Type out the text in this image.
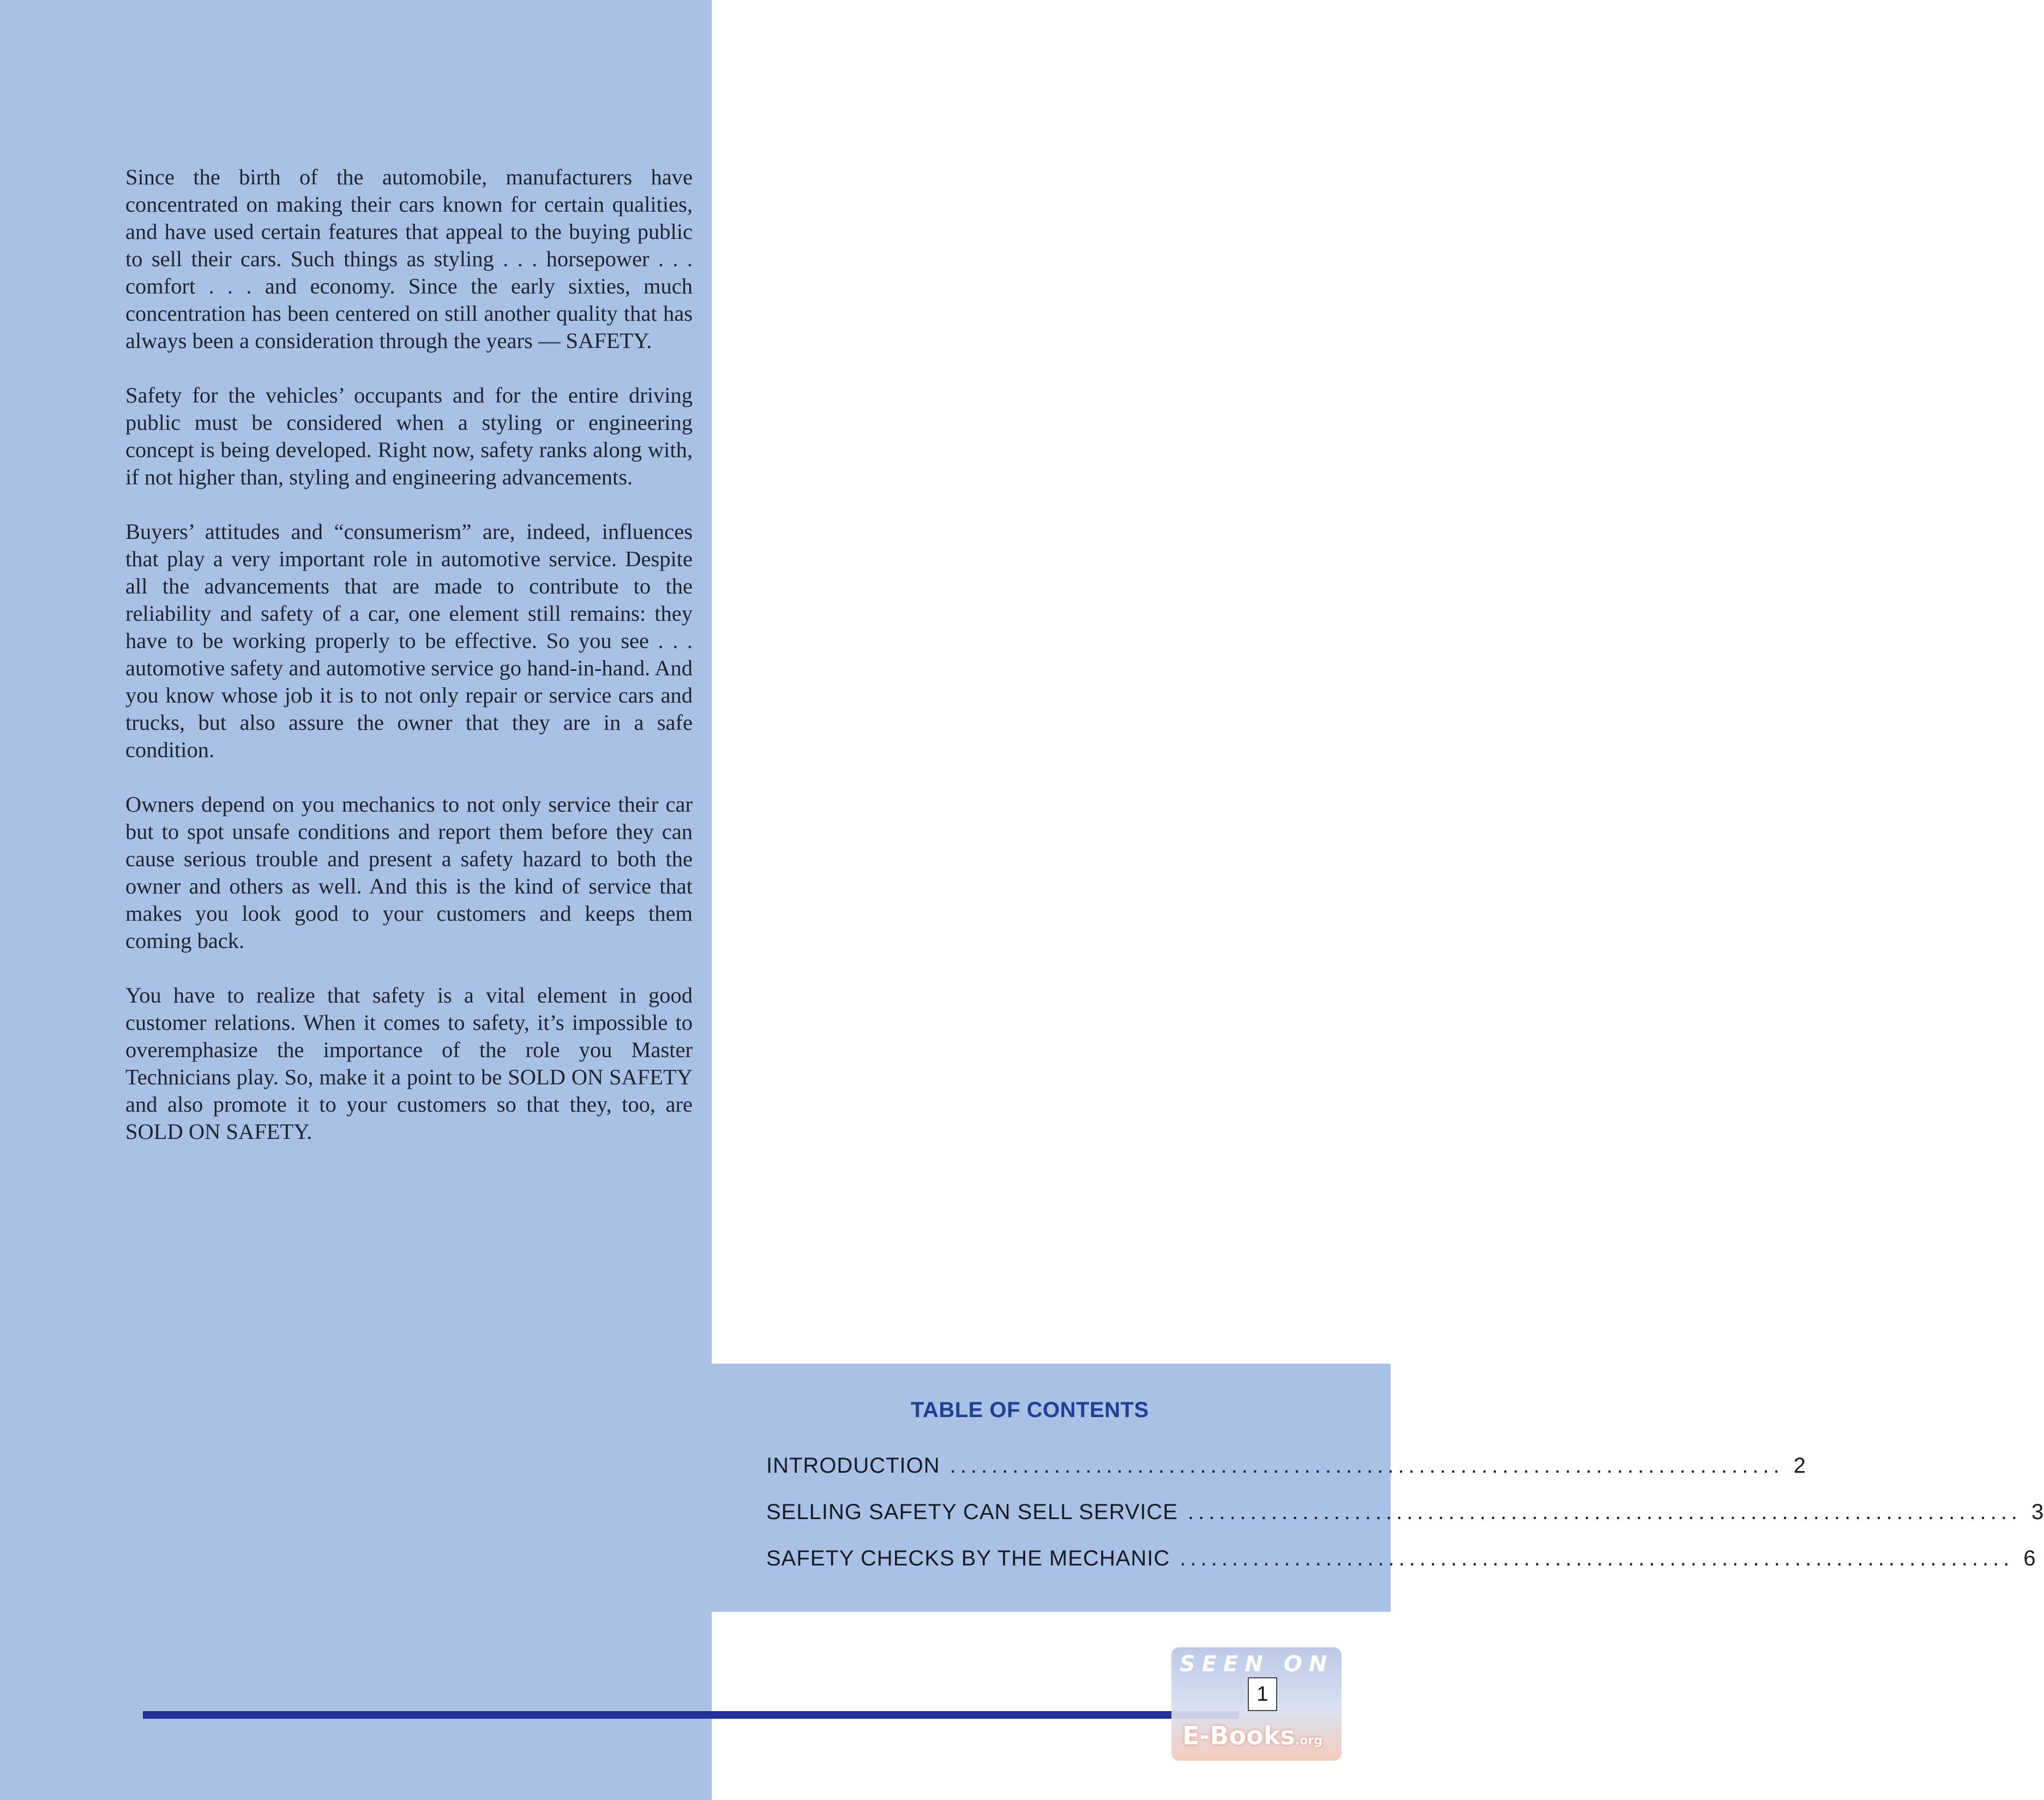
Since the birth of the automobile, manufacturers have concentrated on making their cars known for certain qualities, and have used certain features that appeal to the buying public to sell their cars. Such things as styling . . . horsepower . . . comfort . . . and economy. Since the early sixties, much concentration has been centered on still another quality that has always been a consideration through the years — SAFETY.

Safety for the vehicles’ occupants and for the entire driving public must be considered when a styling or engineering concept is being developed. Right now, safety ranks along with, if not higher than, styling and engineering advancements.

Buyers’ attitudes and “consumerism” are, indeed, influences that play a very important role in automotive service. Despite all the advancements that are made to contribute to the reliability and safety of a car, one element still remains: they have to be working properly to be effective. So you see . . . automotive safety and automotive service go hand-in-hand. And you know whose job it is to not only repair or service cars and trucks, but also assure the owner that they are in a safe condition.

Owners depend on you mechanics to not only service their car but to spot unsafe conditions and report them before they can cause serious trouble and present a safety hazard to both the owner and others as well. And this is the kind of service that makes you look good to your customers and keeps them coming back.

You have to realize that safety is a vital element in good customer relations. When it comes to safety, it’s impossible to overemphasize the importance of the role you Master Technicians play. So, make it a point to be SOLD ON SAFETY and also promote it to your customers so that they, too, are SOLD ON SAFETY.

TABLE OF CONTENTS
INTRODUCTION ................................................................................ 2
SELLING SAFETY CAN SELL SERVICE ................................................................................ 3
SAFETY CHECKS BY THE MECHANIC ................................................................................ 6
SEEN ON
E-Books.org
1
